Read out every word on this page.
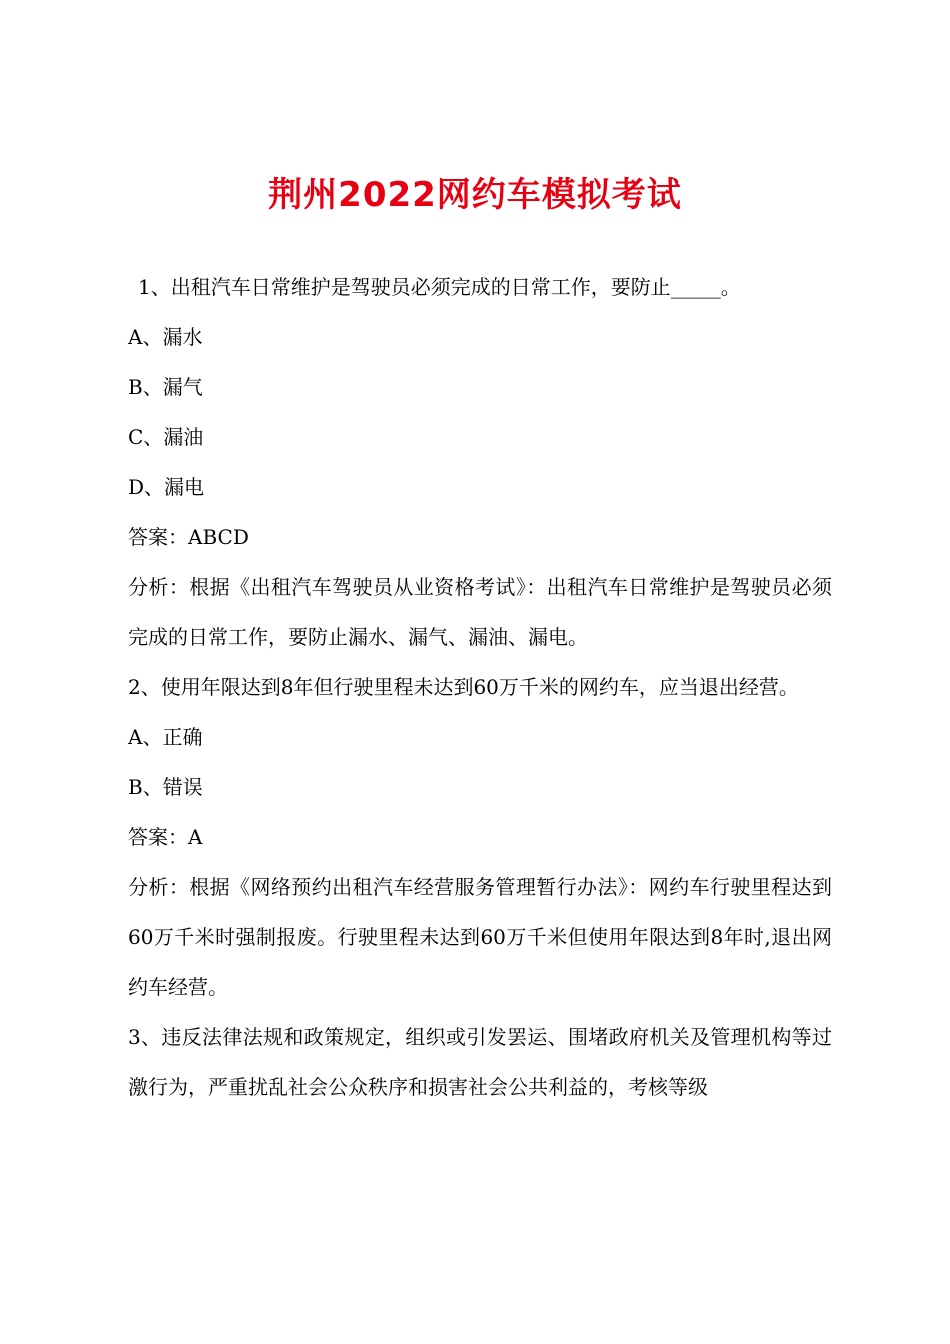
荆州2022网约车模拟考试

1、出租汽车日常维护是驾驶员必须完成的日常工作，要防止_____。

A、漏水

B、漏气

C、漏油

D、漏电

答案：ABCD

分析：根据《出租汽车驾驶员从业资格考试》：出租汽车日常维护是驾驶员必须完成的日常工作，要防止漏水、漏气、漏油、漏电。

2、使用年限达到8年但行驶里程未达到60万千米的网约车，应当退出经营。

A、正确

B、错误

答案：A

分析：根据《网络预约出租汽车经营服务管理暂行办法》：网约车行驶里程达到60万千米时强制报废。行驶里程未达到60万千米但使用年限达到8年时,退出网约车经营。

3、违反法律法规和政策规定，组织或引发罢运、围堵政府机关及管理机构等过激行为，严重扰乱社会公众秩序和损害社会公共利益的，考核等级
